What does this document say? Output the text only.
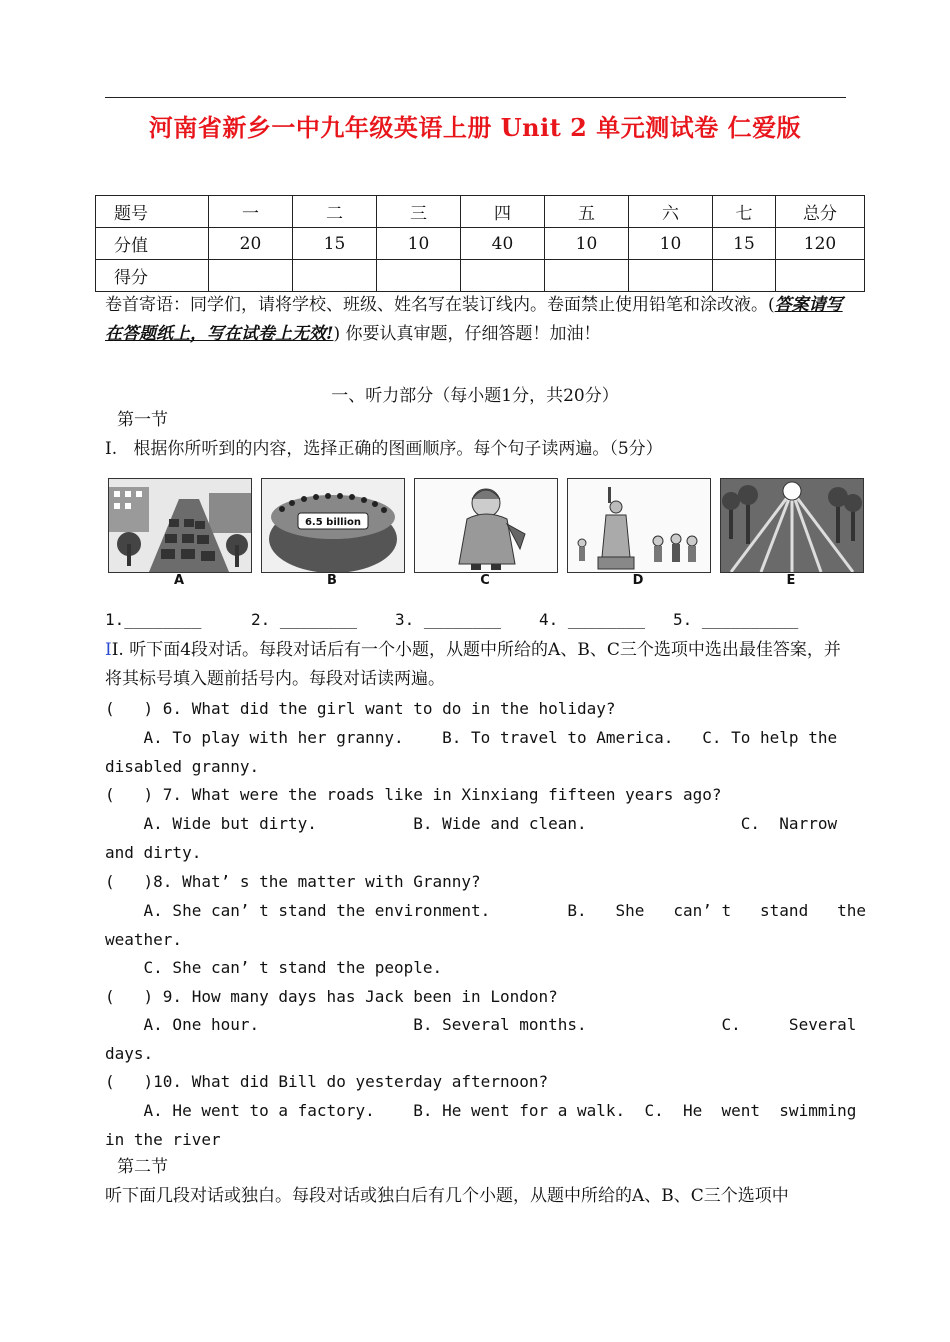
河南省新乡一中九年级英语上册 Unit 2 单元测试卷 仁爱版
题号	一	二	三	四	五	六	七	总分
分值	20	15	10	40	10	10	15	120
得分								
卷首寄语：同学们，请将学校、班级、姓名写在装订线内。卷面禁止使用铅笔和涂改液。(答案请写在答题纸上，写在试卷上无效!) 你要认真审题，仔细答题！加油！
一、听力部分（每小题1分，共20分）
第一节
I.   根据你所听到的内容，选择正确的图画顺序。每个句子读两遍。（5分）
A
6.5 billion
B	C	D	E
1.________	2. ________ 3. ________ 4. ________ 5. __________
II. 听下面4段对话。每段对话后有一个小题，从题中所给的A、B、C三个选项中选出最佳答案，并将其标号填入题前括号内。每段对话读两遍。
(   ) 6. What did the girl want to do in the holiday?
A. To play with her granny.    B. To travel to America.   C. To help the
disabled granny.
(   ) 7. What were the roads like in Xinxiang fifteen years ago?
A. Wide but dirty.          B. Wide and clean.                C.  Narrow
and dirty.
(   )8. What’ s the matter with Granny?
A. She can’ t stand the environment.        B.   She   can’ t   stand   the
weather.
C. She can’ t stand the people.
(   ) 9. How many days has Jack been in London?
A. One hour.                B. Several months.              C.     Several
days.
(   )10. What did Bill do yesterday afternoon?
A. He went to a factory.    B. He went for a walk.  C.  He  went  swimming
in the river
第二节
听下面几段对话或独白。每段对话或独白后有几个小题，从题中所给的A、B、C三个选项中
